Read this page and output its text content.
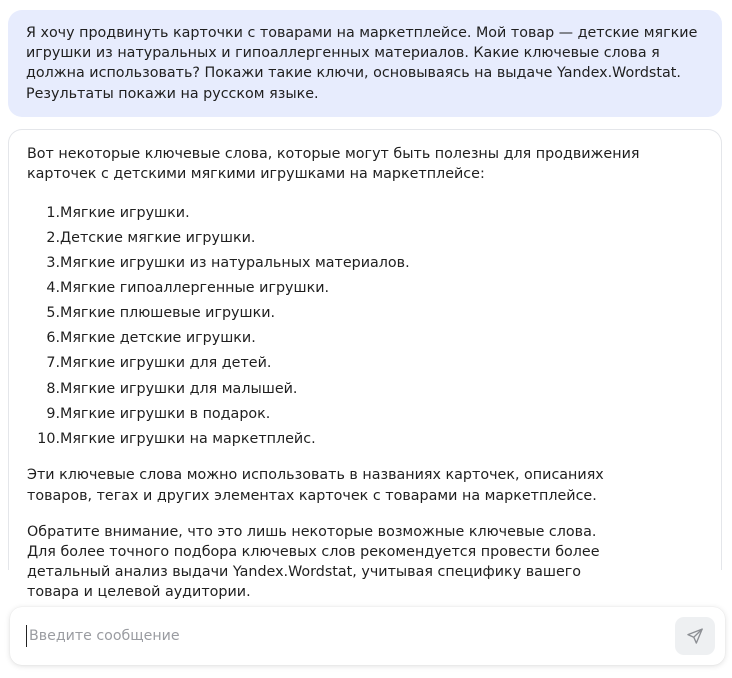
Я хочу продвинуть карточки с товарами на маркетплейсе. Мой товар — детские мягкие игрушки из натуральных и гипоаллергенных материалов. Какие ключевые слова я должна использовать? Покажи такие ключи, основываясь на выдаче Yandex.Wordstat. Результаты покажи на русском языке.

Вот некоторые ключевые слова, которые могут быть полезны для продвижения карточек с детскими мягкими игрушками на маркетплейсе:

1. Мягкие игрушки.
2. Детские мягкие игрушки.
3. Мягкие игрушки из натуральных материалов.
4. Мягкие гипоаллергенные игрушки.
5. Мягкие плюшевые игрушки.
6. Мягкие детские игрушки.
7. Мягкие игрушки для детей.
8. Мягкие игрушки для малышей.
9. Мягкие игрушки в подарок.
10. Мягкие игрушки на маркетплейс.

Эти ключевые слова можно использовать в названиях карточек, описаниях товаров, тегах и других элементах карточек с товарами на маркетплейсе.

Обратите внимание, что это лишь некоторые возможные ключевые слова. Для более точного подбора ключевых слов рекомендуется провести более детальный анализ выдачи Yandex.Wordstat, учитывая специфику вашего товара и целевой аудитории.

Введите сообщение
